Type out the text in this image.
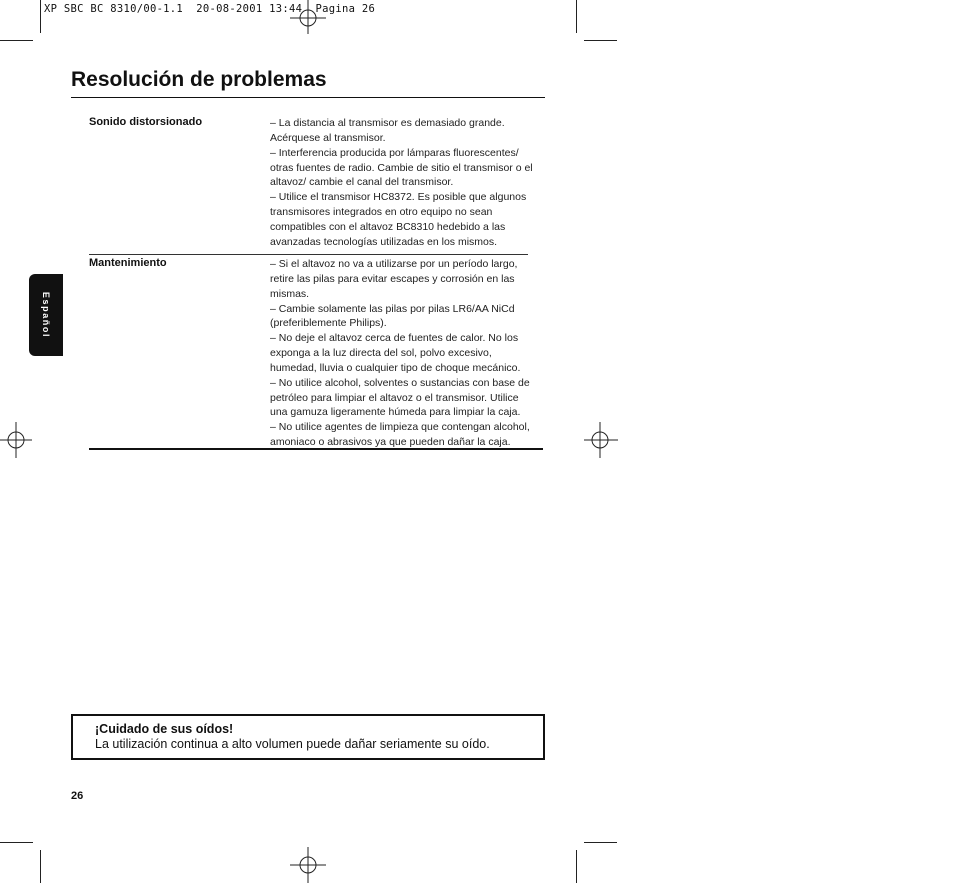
XP SBC BC 8310/00-1.1  20-08-2001 13:44  Pagina 26
Resolución de problemas
Español
Sonido distorsionado	– La distancia al transmisor es demasiado grande.
Acérquese al transmisor.
– Interferencia producida por lámparas fluorescentes/
otras fuentes de radio. Cambie de sitio el transmisor o el
altavoz/ cambie el canal del transmisor.
– Utilice el transmisor HC8372. Es posible que algunos
transmisores integrados en otro equipo no sean
compatibles con el altavoz BC8310 hedebido a las
avanzadas tecnologías utilizadas en los mismos.
Mantenimiento	– Si el altavoz no va a utilizarse por un período largo,
retire las pilas para evitar escapes y corrosión en las
mismas.
– Cambie solamente las pilas por pilas LR6/AA NiCd
(preferiblemente Philips).
– No deje el altavoz cerca de fuentes de calor. No los
exponga a la luz directa del sol, polvo excesivo,
humedad, lluvia o cualquier tipo de choque mecánico.
– No utilice alcohol, solventes o sustancias con base de
petróleo para limpiar el altavoz o el transmisor. Utilice
una gamuza ligeramente húmeda para limpiar la caja.
– No utilice agentes de limpieza que contengan alcohol,
amoniaco o abrasivos ya que pueden dañar la caja.
¡Cuidado de sus oídos!
La utilización continua a alto volumen puede dañar seriamente su oído.
26
